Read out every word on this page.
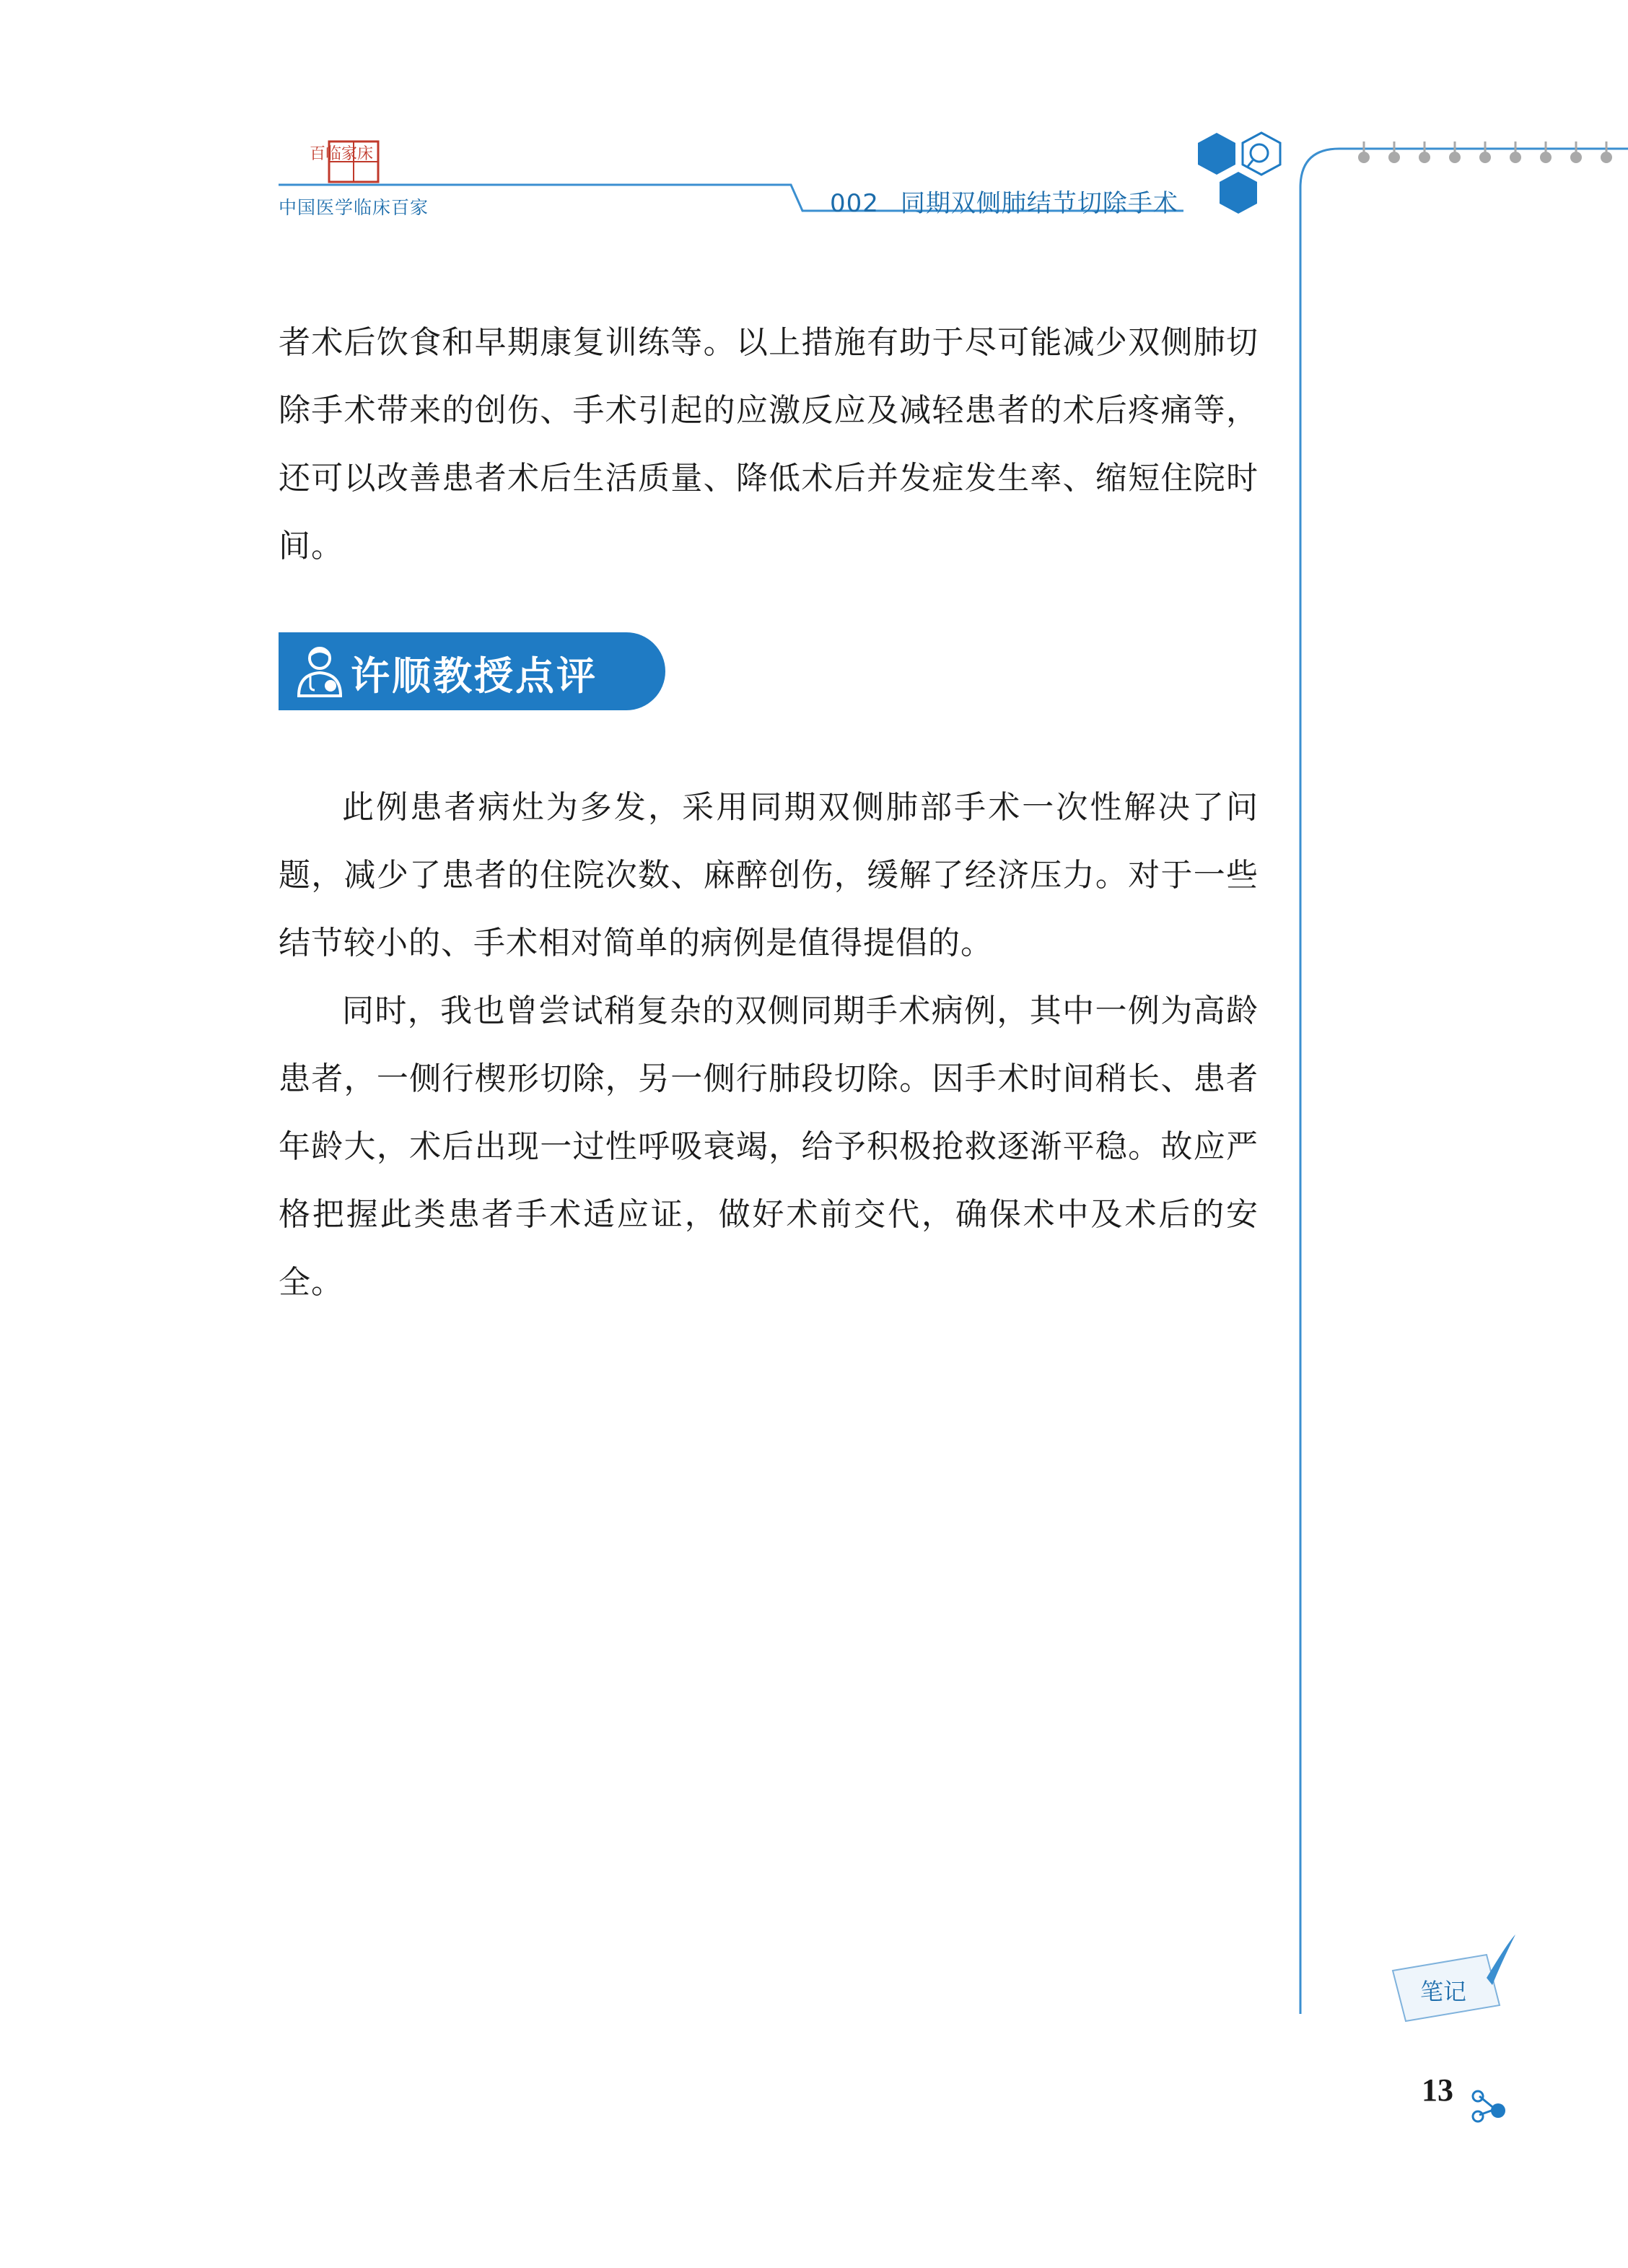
百临家床
笔记
中国医学临床百家	002 同期双侧肺结节切除手术

者术后饮食和早期康复训练等。以上措施有助于尽可能减少双侧肺切除手术带来的创伤、手术引起的应激反应及减轻患者的术后疼痛等，还可以改善患者术后生活质量、降低术后并发症发生率、缩短住院时间。

许顺教授点评

此例患者病灶为多发，采用同期双侧肺部手术一次性解决了问题，减少了患者的住院次数、麻醉创伤，缓解了经济压力。对于一些结节较小的、手术相对简单的病例是值得提倡的。

同时，我也曾尝试稍复杂的双侧同期手术病例，其中一例为高龄患者，一侧行楔形切除，另一侧行肺段切除。因手术时间稍长、患者年龄大，术后出现一过性呼吸衰竭，给予积极抢救逐渐平稳。故应严格把握此类患者手术适应证，做好术前交代，确保术中及术后的安全。

13
